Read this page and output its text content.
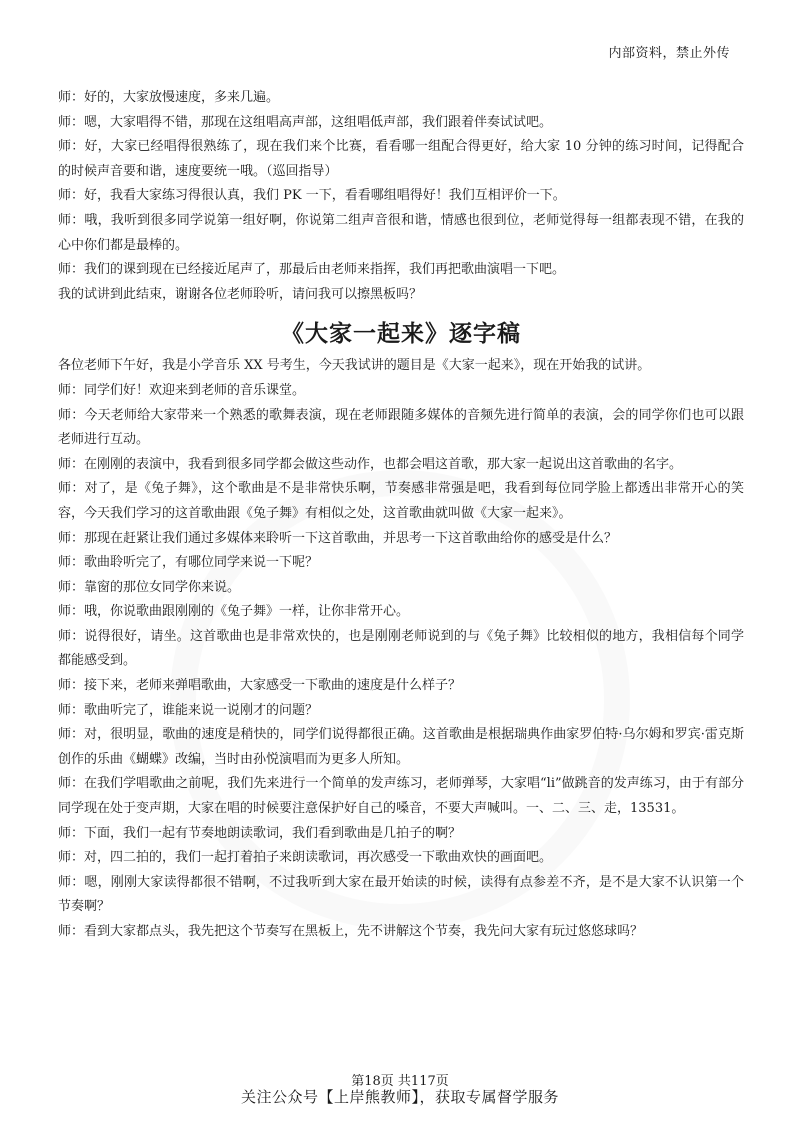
内部资料，禁止外传

师：好的，大家放慢速度，多来几遍。

师：嗯，大家唱得不错，那现在这组唱高声部，这组唱低声部，我们跟着伴奏试试吧。

师：好，大家已经唱得很熟练了，现在我们来个比赛，看看哪一组配合得更好，给大家 10 分钟的练习时间，记得配合的时候声音要和谐，速度要统一哦。（巡回指导）

师：好，我看大家练习得很认真，我们 PK 一下，看看哪组唱得好！我们互相评价一下。

师：哦，我听到很多同学说第一组好啊，你说第二组声音很和谐，情感也很到位，老师觉得每一组都表现不错，在我的心中你们都是最棒的。

师：我们的课到现在已经接近尾声了，那最后由老师来指挥，我们再把歌曲演唱一下吧。

我的试讲到此结束，谢谢各位老师聆听，请问我可以擦黑板吗？

《大家一起来》逐字稿

各位老师下午好，我是小学音乐 XX 号考生，今天我试讲的题目是《大家一起来》，现在开始我的试讲。

师：同学们好！欢迎来到老师的音乐课堂。

师：今天老师给大家带来一个熟悉的歌舞表演，现在老师跟随多媒体的音频先进行简单的表演，会的同学你们也可以跟老师进行互动。

师：在刚刚的表演中，我看到很多同学都会做这些动作，也都会唱这首歌，那大家一起说出这首歌曲的名字。

师：对了，是《兔子舞》，这个歌曲是不是非常快乐啊，节奏感非常强是吧，我看到每位同学脸上都透出非常开心的笑容，今天我们学习的这首歌曲跟《兔子舞》有相似之处，这首歌曲就叫做《大家一起来》。

师：那现在赶紧让我们通过多媒体来聆听一下这首歌曲，并思考一下这首歌曲给你的感受是什么？

师：歌曲聆听完了，有哪位同学来说一下呢？

师：靠窗的那位女同学你来说。

师：哦，你说歌曲跟刚刚的《兔子舞》一样，让你非常开心。

师：说得很好，请坐。这首歌曲也是非常欢快的，也是刚刚老师说到的与《兔子舞》比较相似的地方，我相信每个同学都能感受到。

师：接下来，老师来弹唱歌曲，大家感受一下歌曲的速度是什么样子？

师：歌曲听完了，谁能来说一说刚才的问题？

师：对，很明显，歌曲的速度是稍快的，同学们说得都很正确。这首歌曲是根据瑞典作曲家罗伯特·乌尔姆和罗宾·雷克斯创作的乐曲《蝴蝶》改编，当时由孙悦演唱而为更多人所知。

师：在我们学唱歌曲之前呢，我们先来进行一个简单的发声练习，老师弹琴，大家唱“li”做跳音的发声练习，由于有部分同学现在处于变声期，大家在唱的时候要注意保护好自己的嗓音，不要大声喊叫。一、二、三、走，13531。

师：下面，我们一起有节奏地朗读歌词，我们看到歌曲是几拍子的啊？

师：对，四二拍的，我们一起打着拍子来朗读歌词，再次感受一下歌曲欢快的画面吧。

师：嗯，刚刚大家读得都很不错啊，不过我听到大家在最开始读的时候，读得有点参差不齐，是不是大家不认识第一个节奏啊？

师：看到大家都点头，我先把这个节奏写在黑板上，先不讲解这个节奏，我先问大家有玩过悠悠球吗？

第18页 共117页
关注公众号【上岸熊教师】，获取专属督学服务
